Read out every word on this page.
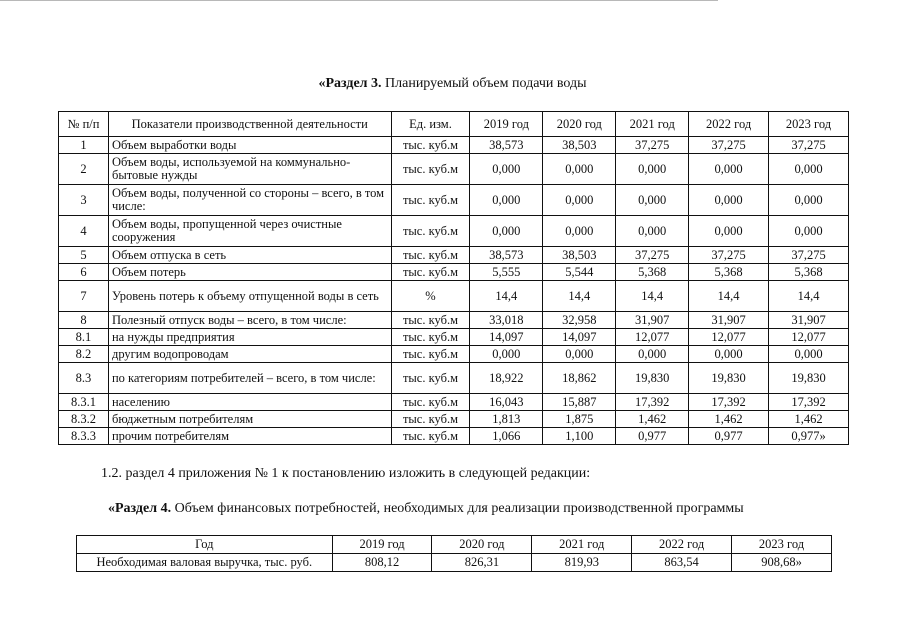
«Раздел 3. Планируемый объем подачи воды
№ п/п	Показатели производственной деятельности	Ед. изм.	2019 год	2020 год	2021 год	2022 год	2023 год
1	Объем выработки воды	тыс. куб.м	38,573	38,503	37,275	37,275	37,275
2	Объем воды, используемой на коммунально-бытовые нужды	тыс. куб.м	0,000	0,000	0,000	0,000	0,000
3	Объем воды, полученной со стороны – всего, в том числе:	тыс. куб.м	0,000	0,000	0,000	0,000	0,000
4	Объем воды, пропущенной через очистные сооружения	тыс. куб.м	0,000	0,000	0,000	0,000	0,000
5	Объем отпуска в сеть	тыс. куб.м	38,573	38,503	37,275	37,275	37,275
6	Объем потерь	тыс. куб.м	5,555	5,544	5,368	5,368	5,368
7	Уровень потерь к объему отпущенной воды в сеть	%	14,4	14,4	14,4	14,4	14,4
8	Полезный отпуск воды – всего, в том числе:	тыс. куб.м	33,018	32,958	31,907	31,907	31,907
8.1	на нужды предприятия	тыс. куб.м	14,097	14,097	12,077	12,077	12,077
8.2	другим водопроводам	тыс. куб.м	0,000	0,000	0,000	0,000	0,000
8.3	по категориям потребителей – всего, в том числе:	тыс. куб.м	18,922	18,862	19,830	19,830	19,830
8.3.1	населению	тыс. куб.м	16,043	15,887	17,392	17,392	17,392
8.3.2	бюджетным потребителям	тыс. куб.м	1,813	1,875	1,462	1,462	1,462
8.3.3	прочим потребителям	тыс. куб.м	1,066	1,100	0,977	0,977	0,977»
1.2. раздел 4 приложения № 1 к постановлению изложить в следующей редакции:
«Раздел 4. Объем финансовых потребностей, необходимых для реализации производственной программы
Год	2019 год	2020 год	2021 год	2022 год	2023 год
Необходимая валовая выручка, тыс. руб.	808,12	826,31	819,93	863,54	908,68»
